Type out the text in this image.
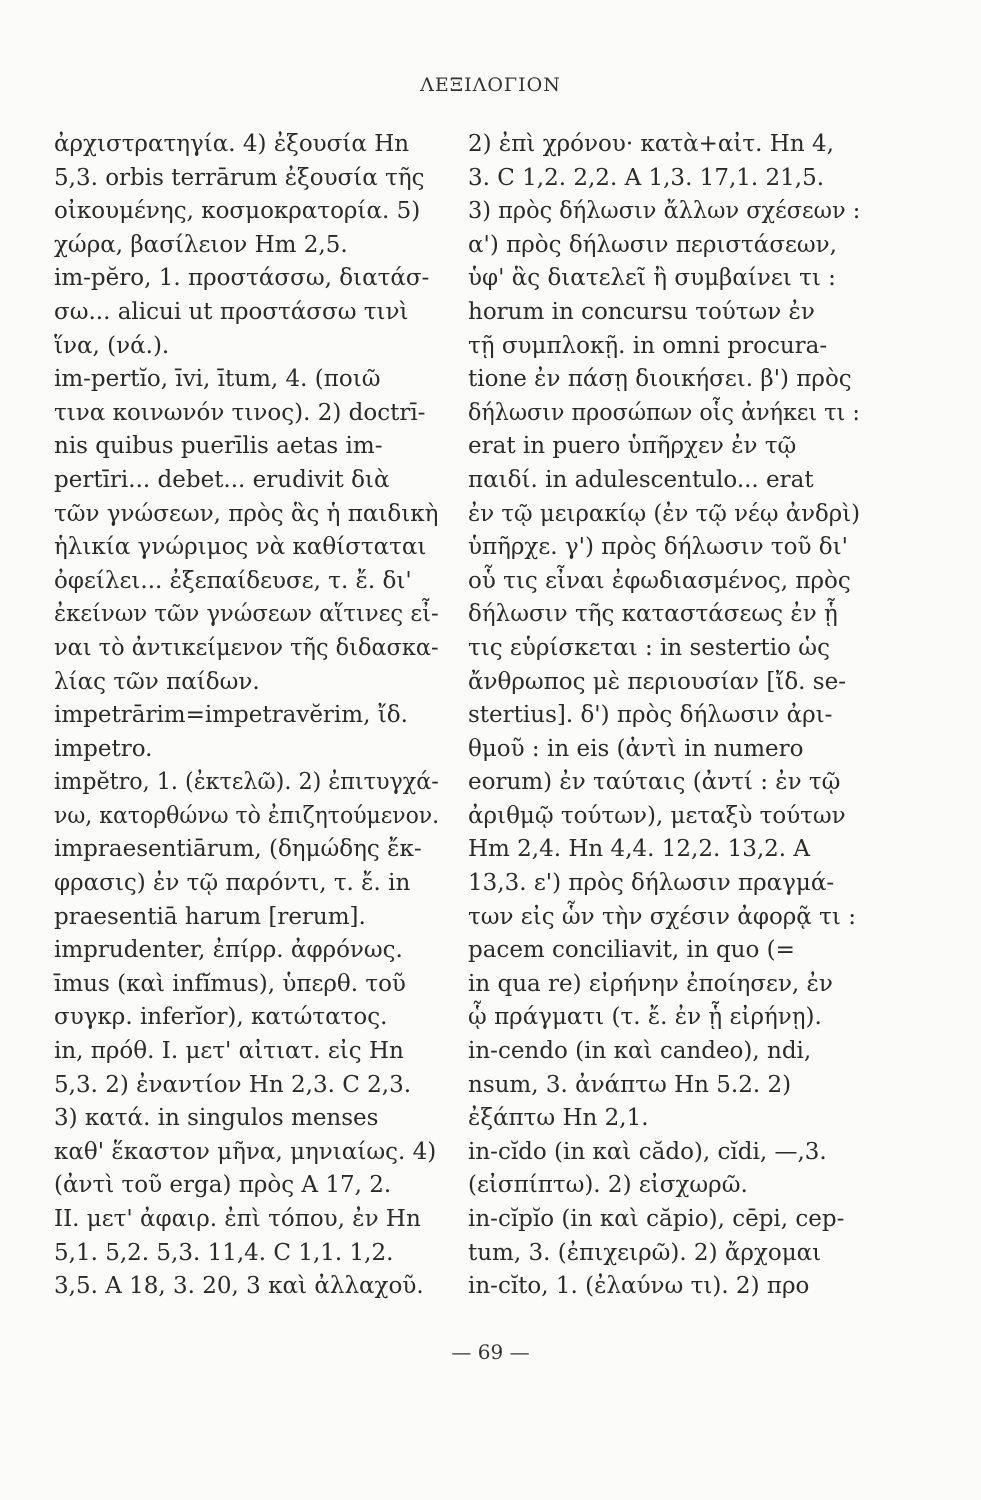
ΛΕΞΙΛΟΓΙΟΝ
ἀρχιστρατηγία. 4) ἐξουσία Hn
5,3. orbis terrārum ἐξουσία τῆς
οἰκουμένης, κοσμοκρατορία. 5)
χώρα, βασίλειον Hm 2,5.
im-pĕro, 1. προστάσσω, διατάσ-
σω... alicui ut προστάσσω τινὶ
ἵνα, (νά.).
im-pertĭo, īvi, ītum, 4. (ποιῶ
τινα κοινωνόν τινος). 2) doctrī-
nis quibus puerīlis aetas im-
pertīri... debet... erudivit διὰ
τῶν γνώσεων, πρὸς ἃς ἡ παιδικὴ
ἡλικία γνώριμος νὰ καθίσταται
ὀφείλει... ἐξεπαίδευσε, τ. ἔ. δι'
ἐκείνων τῶν γνώσεων αἵτινες εἶ-
ναι τὸ ἀντικείμενον τῆς διδασκα-
λίας τῶν παίδων.
impetrārim=impetravĕrim, ἴδ.
impetro.
impĕtro, 1. (ἐκτελῶ). 2) ἐπιτυγχά-
νω, κατορθώνω τὸ ἐπιζητούμενον.
impraesentiārum, (δημώδης ἔκ-
φρασις) ἐν τῷ παρόντι, τ. ἔ. in
praesentiā harum [rerum].
imprudenter, ἐπίρρ. ἀφρόνως.
īmus (καὶ infĭmus), ὑπερθ. τοῦ
συγκρ. inferĭor), κατώτατος.
in, πρόθ. I. μετ' αἰτιατ. εἰς Hn
5,3. 2) ἐναντίον Hn 2,3. C 2,3.
3) κατά. in singulos menses
καθ' ἕκαστον μῆνα, μηνιαίως. 4)
(ἀντὶ τοῦ erga) πρὸς A 17, 2.
II. μετ' ἀφαιρ. ἐπὶ τόπου, ἐν Hn
5,1. 5,2. 5,3. 11,4. C 1,1. 1,2.
3,5. A 18, 3. 20, 3 καὶ ἀλλαχοῦ.
2) ἐπὶ χρόνου· κατὰ+αἰτ. Hn 4,
3. C 1,2. 2,2. A 1,3. 17,1. 21,5.
3) πρὸς δήλωσιν ἄλλων σχέσεων :
α') πρὸς δήλωσιν περιστάσεων,
ὑφ' ἃς διατελεῖ ἢ συμβαίνει τι :
horum in concursu τούτων ἐν
τῇ συμπλοκῇ. in omni procura-
tione ἐν πάσῃ διοικήσει. β') πρὸς
δήλωσιν προσώπων οἷς ἀνήκει τι :
erat in puero ὑπῆρχεν ἐν τῷ
παιδί. in adulescentulo... erat
ἐν τῷ μειρακίῳ (ἐν τῷ νέῳ ἀνδρὶ)
ὑπῆρχε. γ') πρὸς δήλωσιν τοῦ δι'
οὗ τις εἶναι ἐφωδιασμένος, πρὸς
δήλωσιν τῆς καταστάσεως ἐν ᾗ
τις εὑρίσκεται : in sestertio ὡς
ἄνθρωπος μὲ περιουσίαν [ἴδ. se-
stertius]. δ') πρὸς δήλωσιν ἀρι-
θμοῦ : in eis (ἀντὶ in numero
eorum) ἐν ταύταις (ἀντί : ἐν τῷ
ἀριθμῷ τούτων), μεταξὺ τούτων
Hm 2,4. Hn 4,4. 12,2. 13,2. A
13,3. ε') πρὸς δήλωσιν πραγμά-
των εἰς ὧν τὴν σχέσιν ἀφορᾷ τι :
pacem conciliavit, in quo (=
in qua re) εἰρήνην ἐποίησεν, ἐν
ᾧ πράγματι (τ. ἔ. ἐν ᾗ εἰρήνῃ).
in-cendo (in καὶ candeo), ndi,
nsum, 3. ἀνάπτω Hn 5.2. 2)
ἐξάπτω Hn 2,1.
in-cĭdo (in καὶ cădo), cĭdi, —,3.
(εἰσπίπτω). 2) εἰσχωρῶ.
in-cĭpĭo (in καὶ căpio), cēpi, cep-
tum, 3. (ἐπιχειρῶ). 2) ἄρχομαι
in-cĭto, 1. (ἐλαύνω τι). 2) προ
— 69 —
